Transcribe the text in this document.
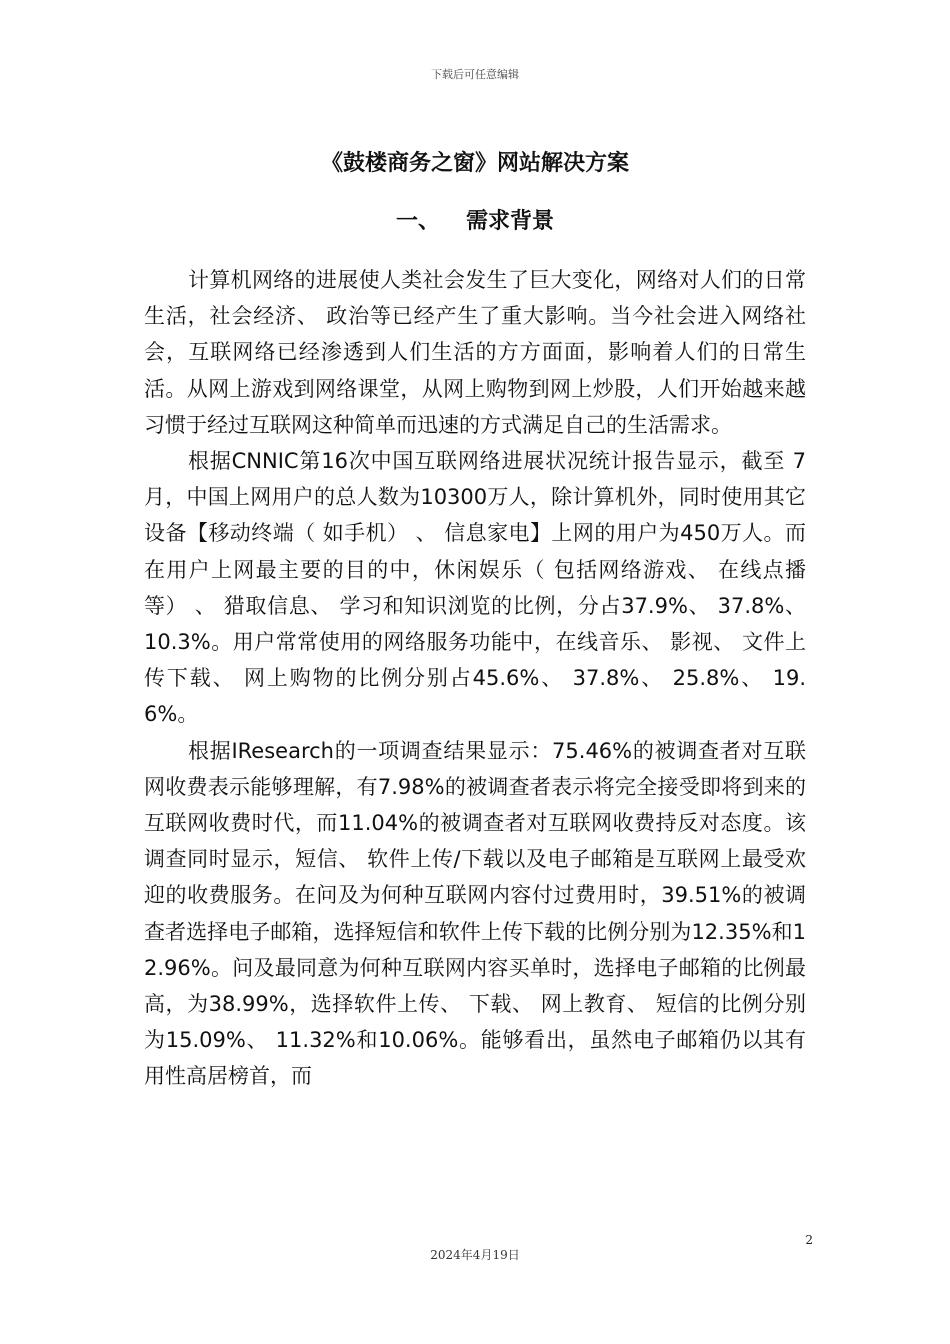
下载后可任意编辑
《鼓楼商务之窗》网站解决方案
一、 需求背景

计算机网络的进展使人类社会发生了巨大变化，网络对人们的日常生活，社会经济、 政治等已经产生了重大影响。当今社会进入网络社会，互联网络已经渗透到人们生活的方方面面，影响着人们的日常生活。从网上游戏到网络课堂，从网上购物到网上炒股，人们开始越来越习惯于经过互联网这种简单而迅速的方式满足自己的生活需求。

根据CNNIC第16次中国互联网络进展状况统计报告显示，截至 7月，中国上网用户的总人数为10300万人，除计算机外，同时使用其它设备【移动终端（ 如手机） 、 信息家电】上网的用户为450万人。而在用户上网最主要的目的中，休闲娱乐（ 包括网络游戏、 在线点播等） 、 猎取信息、 学习和知识浏览的比例，分占37.9%、 37.8%、 10.3%。用户常常使用的网络服务功能中，在线音乐、 影视、 文件上传下载、 网上购物的比例分别占45.6%、 37.8%、 25.8%、 19.6%。

根据IResearch的一项调查结果显示：75.46%的被调查者对互联网收费表示能够理解，有7.98%的被调查者表示将完全接受即将到来的互联网收费时代，而11.04%的被调查者对互联网收费持反对态度。该调查同时显示，短信、 软件上传/下载以及电子邮箱是互联网上最受欢迎的收费服务。在问及为何种互联网内容付过费用时，39.51%的被调查者选择电子邮箱，选择短信和软件上传下载的比例分别为12.35%和12.96%。问及最同意为何种互联网内容买单时，选择电子邮箱的比例最高，为38.99%，选择软件上传、 下载、 网上教育、 短信的比例分别为15.09%、 11.32%和10.06%。能够看出，虽然电子邮箱仍以其有用性高居榜首，而

2
2024年4月19日
